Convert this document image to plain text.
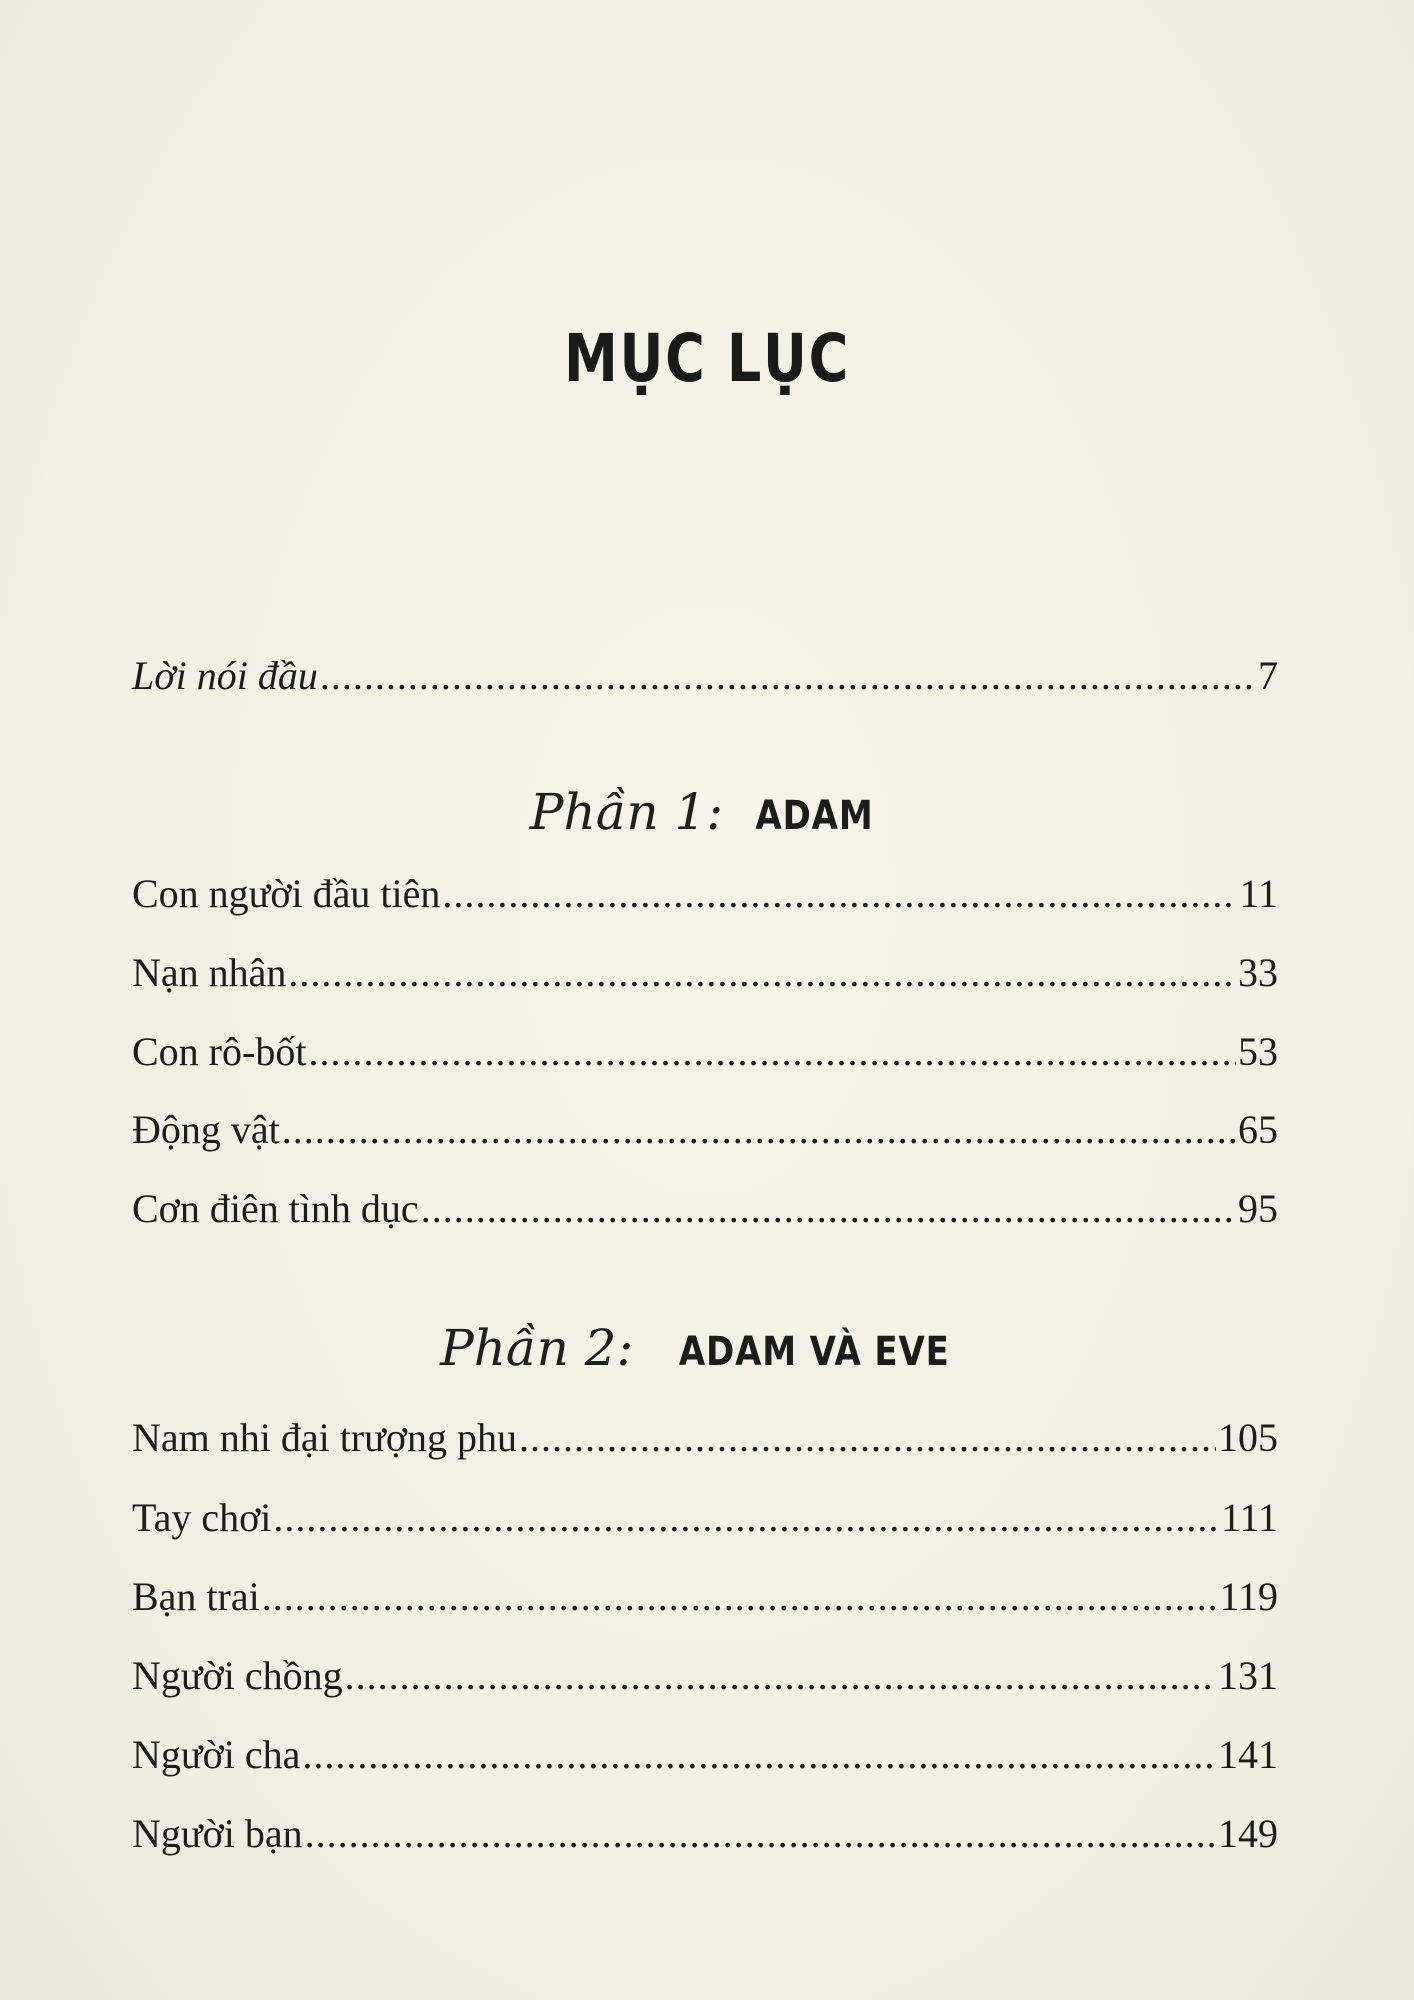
MỤC LỤC
Lời nói đầu .....	7
Phần 1: ADAM
Con người đầu tiên .....	11
Nạn nhân .....	33
Con rô-bốt .....	53
Động vật .....	65
Cơn điên tình dục .....	95
Phần 2: ADAM VÀ EVE
Nam nhi đại trượng phu .....	105
Tay chơi .....	111
Bạn trai .....	119
Người chồng .....	131
Người cha .....	141
Người bạn .....	149
